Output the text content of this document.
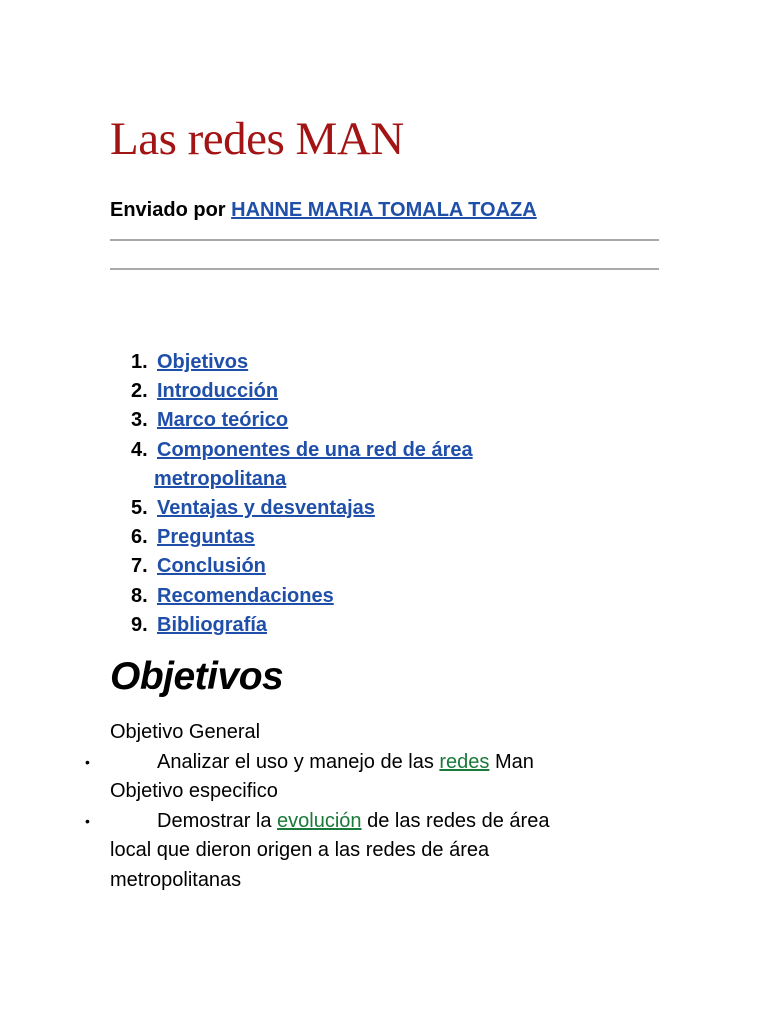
Las redes MAN
Enviado por HANNE MARIA TOMALA TOAZA
1. Objetivos
2. Introducción
3. Marco teórico
4. Componentes de una red de área
metropolitana
5. Ventajas y desventajas
6. Preguntas
7. Conclusión
8. Recomendaciones
9. Bibliografía
Objetivos
Objetivo General
•	Analizar el uso y manejo de las redes Man
Objetivo especifico
•	Demostrar la evolución de las redes de área
local que dieron origen a las redes de área
metropolitanas
